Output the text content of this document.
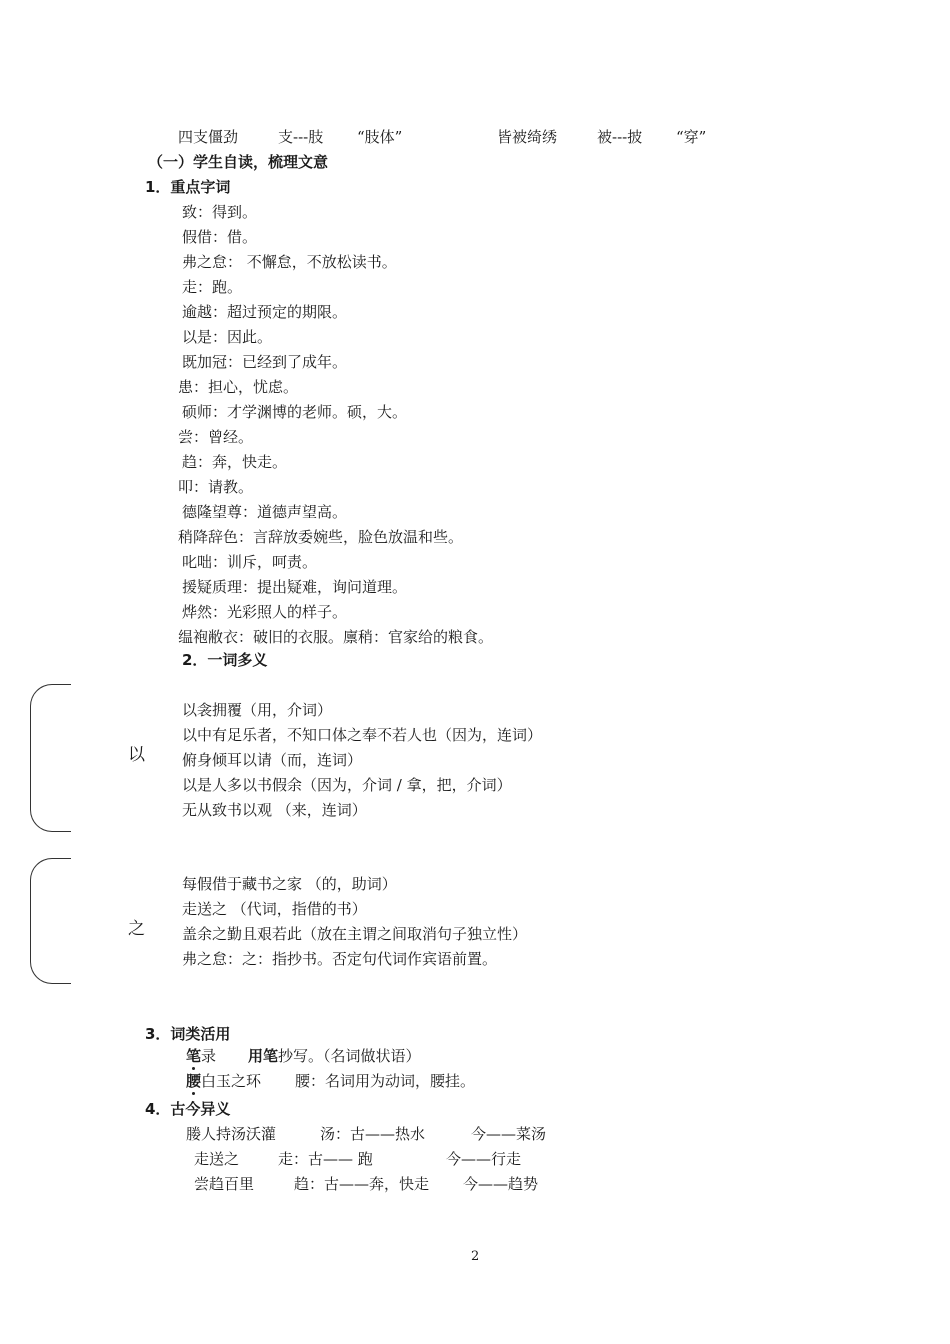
四支僵劲	支---肢 “肢体”	皆被绮绣	被---披 “穿”
（一）学生自读，梳理文意
1．重点字词
致：得到。
假借：借。
弗之怠： 不懈怠，不放松读书。
走：跑。
逾越：超过预定的期限。
以是：因此。
既加冠：已经到了成年。
患：担心，忧虑。
硕师：才学渊博的老师。硕，大。
尝：曾经。
趋：奔，快走。
叩：请教。
德隆望尊：道德声望高。
稍降辞色：言辞放委婉些，脸色放温和些。
叱咄：训斥，呵责。
援疑质理：提出疑难，询问道理。
烨然：光彩照人的样子。
缊袍敝衣：破旧的衣服。廪稍：官家给的粮食。
2．一词多义
以
以衾拥覆（用，介词）
以中有足乐者，不知口体之奉不若人也（因为，连词）
俯身倾耳以请（而，连词）
以是人多以书假余（因为，介词 / 拿，把，介词）
无从致书以观 （来，连词）
之
每假借于藏书之家 （的，助词）
走送之 （代词，指借的书）
盖余之勤且艰若此（放在主谓之间取消句子独立性）
弗之怠：之：指抄书。否定句代词作宾语前置。
3．词类活用
笔录 用笔抄写。（名词做状语）
腰白玉之环 腰：名词用为动词，腰挂。
4．古今异义
媵人持汤沃灌	汤：古——热水	今——菜汤
走送之	走：古—— 跑	今——行走
尝趋百里	趋：古——奔，快走 今——趋势
2
